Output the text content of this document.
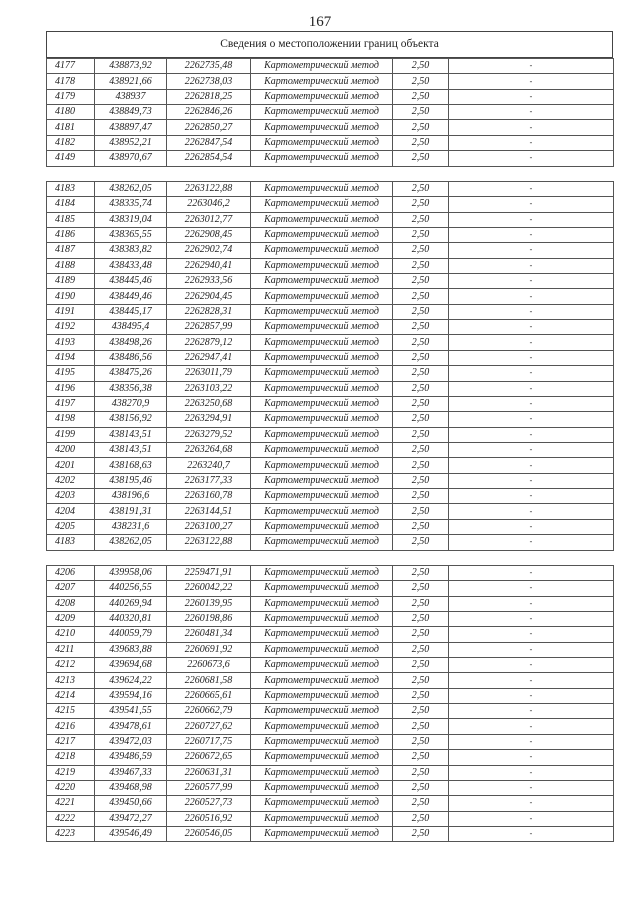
167
Сведения о местоположении границ объекта
4177	438873,92	2262735,48	Картометрический метод	2,50	-
4178	438921,66	2262738,03	Картометрический метод	2,50	-
4179	438937	2262818,25	Картометрический метод	2,50	-
4180	438849,73	2262846,26	Картометрический метод	2,50	-
4181	438897,47	2262850,27	Картометрический метод	2,50	-
4182	438952,21	2262847,54	Картометрический метод	2,50	-
4149	438970,67	2262854,54	Картометрический метод	2,50	-

4183	438262,05	2263122,88	Картометрический метод	2,50	-
4184	438335,74	2263046,2	Картометрический метод	2,50	-
4185	438319,04	2263012,77	Картометрический метод	2,50	-
4186	438365,55	2262908,45	Картометрический метод	2,50	-
4187	438383,82	2262902,74	Картометрический метод	2,50	-
4188	438433,48	2262940,41	Картометрический метод	2,50	-
4189	438445,46	2262933,56	Картометрический метод	2,50	-
4190	438449,46	2262904,45	Картометрический метод	2,50	-
4191	438445,17	2262828,31	Картометрический метод	2,50	-
4192	438495,4	2262857,99	Картометрический метод	2,50	-
4193	438498,26	2262879,12	Картометрический метод	2,50	-
4194	438486,56	2262947,41	Картометрический метод	2,50	-
4195	438475,26	2263011,79	Картометрический метод	2,50	-
4196	438356,38	2263103,22	Картометрический метод	2,50	-
4197	438270,9	2263250,68	Картометрический метод	2,50	-
4198	438156,92	2263294,91	Картометрический метод	2,50	-
4199	438143,51	2263279,52	Картометрический метод	2,50	-
4200	438143,51	2263264,68	Картометрический метод	2,50	-
4201	438168,63	2263240,7	Картометрический метод	2,50	-
4202	438195,46	2263177,33	Картометрический метод	2,50	-
4203	438196,6	2263160,78	Картометрический метод	2,50	-
4204	438191,31	2263144,51	Картометрический метод	2,50	-
4205	438231,6	2263100,27	Картометрический метод	2,50	-
4183	438262,05	2263122,88	Картометрический метод	2,50	-

4206	439958,06	2259471,91	Картометрический метод	2,50	-
4207	440256,55	2260042,22	Картометрический метод	2,50	-
4208	440269,94	2260139,95	Картометрический метод	2,50	-
4209	440320,81	2260198,86	Картометрический метод	2,50	-
4210	440059,79	2260481,34	Картометрический метод	2,50	-
4211	439683,88	2260691,92	Картометрический метод	2,50	-
4212	439694,68	2260673,6	Картометрический метод	2,50	-
4213	439624,22	2260681,58	Картометрический метод	2,50	-
4214	439594,16	2260665,61	Картометрический метод	2,50	-
4215	439541,55	2260662,79	Картометрический метод	2,50	-
4216	439478,61	2260727,62	Картометрический метод	2,50	-
4217	439472,03	2260717,75	Картометрический метод	2,50	-
4218	439486,59	2260672,65	Картометрический метод	2,50	-
4219	439467,33	2260631,31	Картометрический метод	2,50	-
4220	439468,98	2260577,99	Картометрический метод	2,50	-
4221	439450,66	2260527,73	Картометрический метод	2,50	-
4222	439472,27	2260516,92	Картометрический метод	2,50	-
4223	439546,49	2260546,05	Картометрический метод	2,50	-
